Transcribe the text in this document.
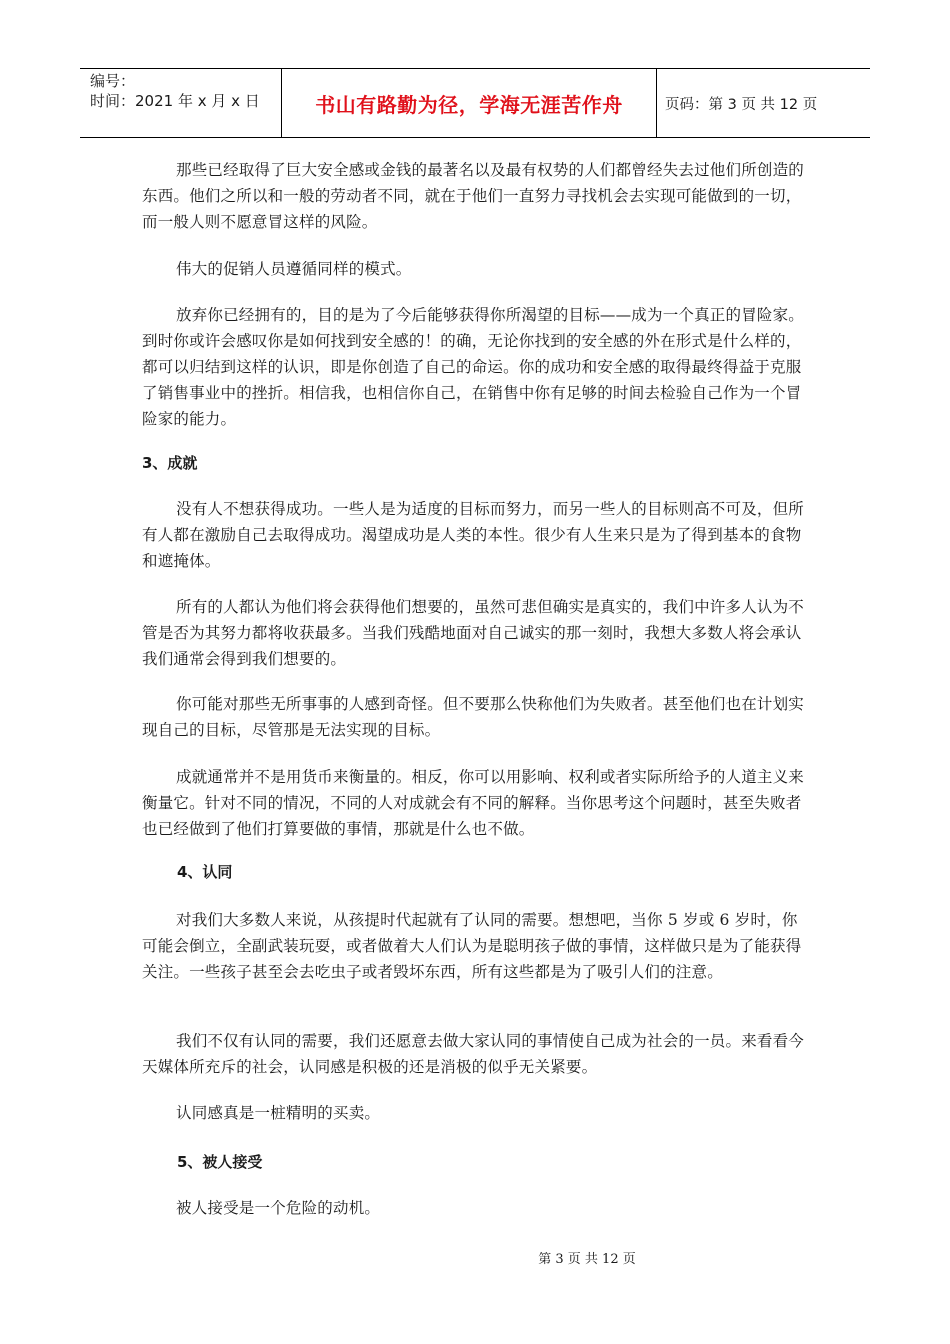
编号：
时间：2021 年 x 月 x 日	书山有路勤为径，学海无涯苦作舟	页码：第 3 页 共 12 页

那些已经取得了巨大安全感或金钱的最著名以及最有权势的人们都曾经失去过他们所创造的东西。他们之所以和一般的劳动者不同，就在于他们一直努力寻找机会去实现可能做到的一切，而一般人则不愿意冒这样的风险。

伟大的促销人员遵循同样的模式。

放弃你已经拥有的，目的是为了今后能够获得你所渴望的目标——成为一个真正的冒险家。到时你或许会感叹你是如何找到安全感的！的确，无论你找到的安全感的外在形式是什么样的，都可以归结到这样的认识，即是你创造了自己的命运。你的成功和安全感的取得最终得益于克服了销售事业中的挫折。相信我，也相信你自己，在销售中你有足够的时间去检验自己作为一个冒险家的能力。

3、成就

没有人不想获得成功。一些人是为适度的目标而努力，而另一些人的目标则高不可及，但所有人都在激励自己去取得成功。渴望成功是人类的本性。很少有人生来只是为了得到基本的食物和遮掩体。

所有的人都认为他们将会获得他们想要的，虽然可悲但确实是真实的，我们中许多人认为不管是否为其努力都将收获最多。当我们残酷地面对自己诚实的那一刻时，我想大多数人将会承认我们通常会得到我们想要的。

你可能对那些无所事事的人感到奇怪。但不要那么快称他们为失败者。甚至他们也在计划实现自己的目标，尽管那是无法实现的目标。

成就通常并不是用货币来衡量的。相反，你可以用影响、权利或者实际所给予的人道主义来衡量它。针对不同的情况，不同的人对成就会有不同的解释。当你思考这个问题时，甚至失败者也已经做到了他们打算要做的事情，那就是什么也不做。

4、认同

对我们大多数人来说，从孩提时代起就有了认同的需要。想想吧，当你 5 岁或 6 岁时，你可能会倒立，全副武装玩耍，或者做着大人们认为是聪明孩子做的事情，这样做只是为了能获得关注。一些孩子甚至会去吃虫子或者毁坏东西，所有这些都是为了吸引人们的注意。

我们不仅有认同的需要，我们还愿意去做大家认同的事情使自己成为社会的一员。来看看今天媒体所充斥的社会，认同感是积极的还是消极的似乎无关紧要。

认同感真是一桩精明的买卖。

5、被人接受

被人接受是一个危险的动机。

第 3 页 共 12 页
